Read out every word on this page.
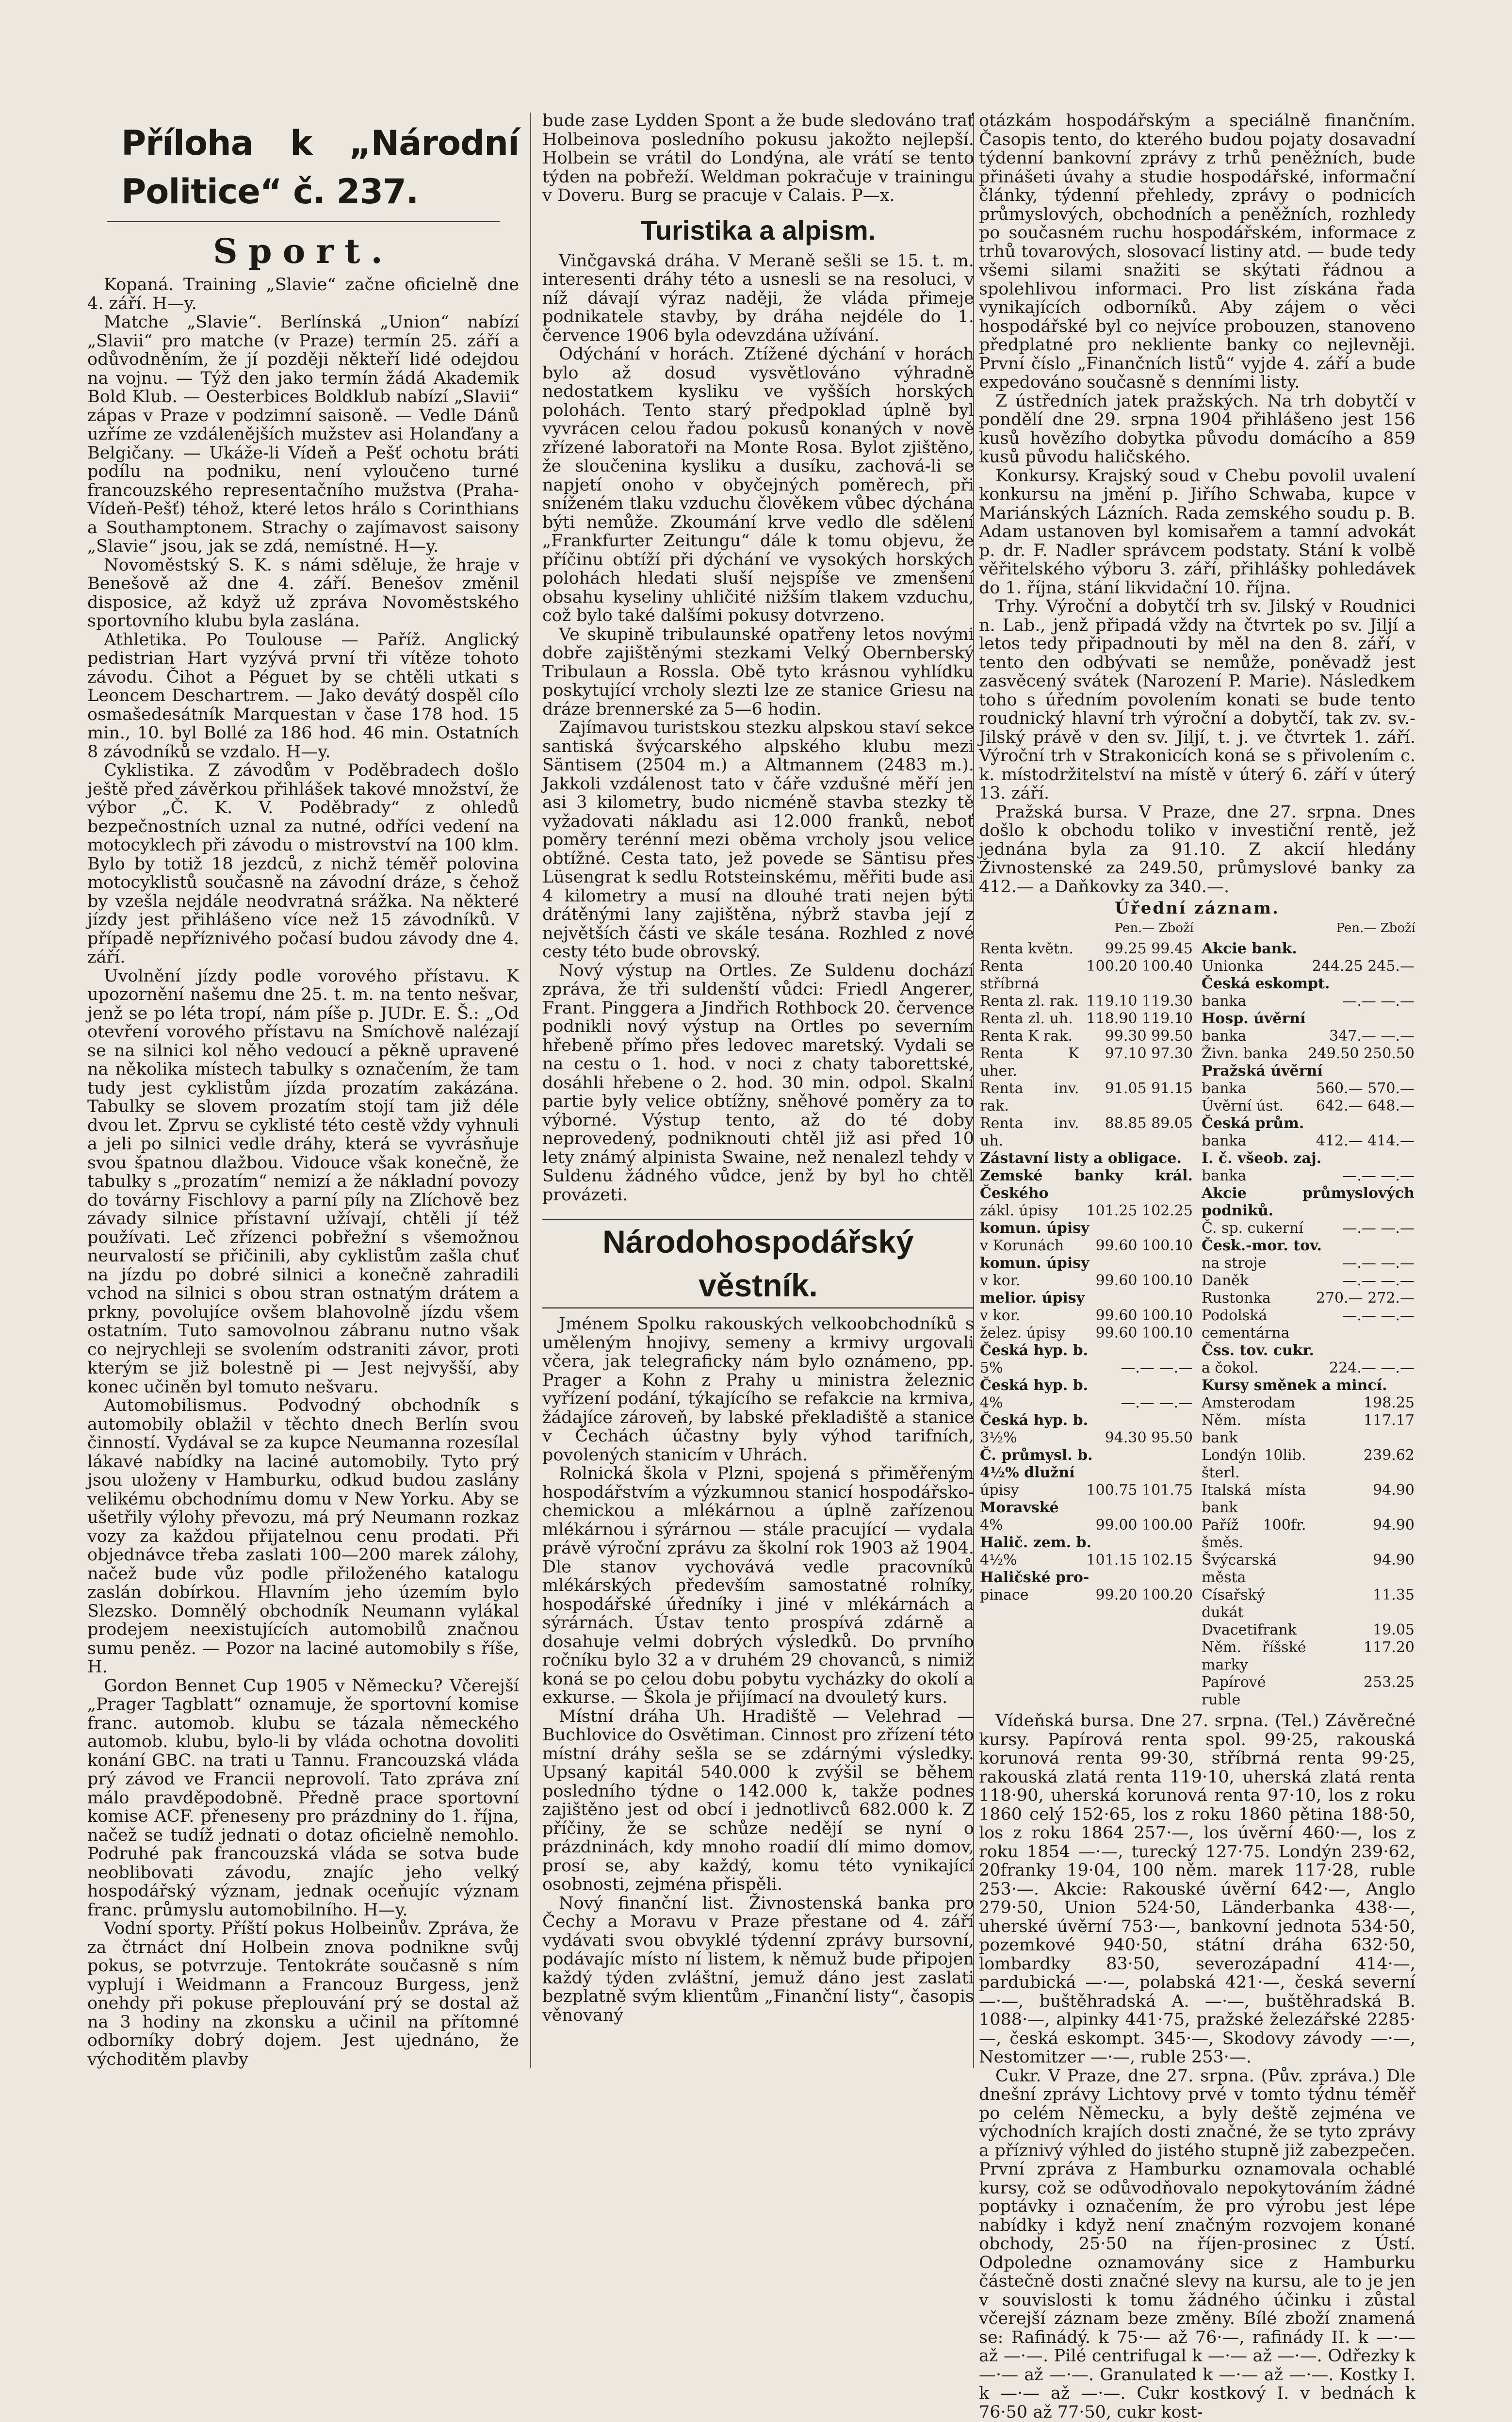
Příloha k „Národní Politice“ č. 237.
Sport.

Kopaná. Training „Slavie“ začne oficielně dne 4. září. H—y.

Matche „Slavie“. Berlínská „Union“ nabízí „Slavii“ pro matche (v Praze) termín 25. září a odůvodněním, že jí později někteří lidé odejdou na vojnu. — Týž den jako termín žádá Akademik Bold Klub. — Oesterbices Boldklub nabízí „Slavii“ zápas v Praze v podzimní saisoně. — Vedle Dánů uzříme ze vzdálenějších mužstev asi Holanďany a Belgičany. — Ukáže-li Vídeň a Pešť ochotu bráti podílu na podniku, není vyloučeno turné francouzského representačního mužstva (Praha-Vídeň-Pešť) téhož, které letos hrálo s Corinthians a Southamptonem. Strachy o zajímavost saisony „Slavie“ jsou, jak se zdá, nemístné. H—y.

Novoměstský S. K. s námi sděluje, že hraje v Benešově až dne 4. září. Benešov změnil disposice, až když už zpráva Novoměstského sportovního klubu byla zaslána.

Athletika. Po Toulouse — Paříž. Anglický pedistrian Hart vyzývá první tři vítěze tohoto závodu. Čihot a Péguet by se chtěli utkati s Leoncem Deschartrem. — Jako devátý dospěl cílo osmašedesátník Marquestan v čase 178 hod. 15 min., 10. byl Bollé za 186 hod. 46 min. Ostatních 8 závodníků se vzdalo. H—y.

Cyklistika. Z závodům v Poděbradech došlo ještě před závěrkou přihlášek takové množství, že výbor „Č. K. V. Poděbrady“ z ohledů bezpečnostních uznal za nutné, odříci vedení na motocyklech při závodu o mistrovství na 100 klm. Bylo by totiž 18 jezdců, z nichž téměř polovina motocyklistů současně na závodní dráze, s čehož by vzešla nejdále neodvratná srážka. Na některé jízdy jest přihlášeno více než 15 závodníků. V případě nepříznivého počasí budou závody dne 4. září.

Uvolnění jízdy podle vorového přístavu. K upozornění našemu dne 25. t. m. na tento nešvar, jenž se po léta tropí, nám píše p. JUDr. E. Š.: „Od otevření vorového přístavu na Smíchově nalézají se na silnici kol něho vedoucí a pěkně upravené na několika místech tabulky s označením, že tam tudy jest cyklistům jízda prozatím zakázána. Tabulky se slovem prozatím stojí tam již déle dvou let. Zprvu se cyklisté této cestě vždy vyhnuli a jeli po silnici vedle dráhy, která se vyvrásňuje svou špatnou dlažbou. Vidouce však konečně, že tabulky s „prozatím“ nemizí a že nákladní povozy do továrny Fischlovy a parní píly na Zlíchově bez závady silnice přístavní užívají, chtěli jí též používati. Leč zřízenci pobřežní s všemožnou neurvalostí se přičinili, aby cyklistům zašla chuť na jízdu po dobré silnici a konečně zahradili vchod na silnici s obou stran ostnatým drátem a prkny, povolujíce ovšem blahovolně jízdu všem ostatním. Tuto samovolnou zábranu nutno však co nejrychleji se svolením odstraniti závor, proti kterým se již bolestně pi — Jest nejvyšší, aby konec učiněn byl tomuto nešvaru.

Automobilismus. Podvodný obchodník s automobily oblažil v těchto dnech Berlín svou činností. Vydával se za kupce Neumanna rozesílal lákavé nabídky na laciné automobily. Tyto prý jsou uloženy v Hamburku, odkud budou zaslány velikému obchodnímu domu v New Yorku. Aby se ušetřily výlohy převozu, má prý Neumann rozkaz vozy za každou přijatelnou cenu prodati. Při objednávce třeba zaslati 100—200 marek zálohy, načež bude vůz podle přiloženého katalogu zaslán dobírkou. Hlavním jeho územím bylo Slezsko. Domnělý obchodník Neumann vylákal prodejem neexistujících automobilů značnou sumu peněz. — Pozor na laciné automobily s říše, H.

Gordon Bennet Cup 1905 v Německu? Včerejší „Prager Tagblatt“ oznamuje, že sportovní komise franc. automob. klubu se tázala německého automob. klubu, bylo-li by vláda ochotna dovoliti konání GBC. na trati u Tannu. Francouzská vláda prý závod ve Francii neprovolí. Tato zpráva zní málo pravděpodobně. Předně prace sportovní komise ACF. přeneseny pro prázdniny do 1. října, načež se tudíž jednati o dotaz oficielně nemohlo. Podruhé pak francouzská vláda se sotva bude neoblibovati závodu, znajíc jeho velký hospodářský význam, jednak oceňujíc význam franc. průmyslu automobilního. H—y.

Vodní sporty. Příští pokus Holbeinův. Zpráva, že za čtrnáct dní Holbein znova podnikne svůj pokus, se potvrzuje. Tentokráte současně s ním vyplují i Weidmann a Francouz Burgess, jenž onehdy při pokuse přeplouvání prý se dostal až na 3 hodiny na zkonsku a učinil na přítomné odborníky dobrý dojem. Jest ujednáno, že východitěm plavby

bude zase Lydden Spont a že bude sledováno trať Holbeinova posledního pokusu jakožto nejlepší. Holbein se vrátil do Londýna, ale vrátí se tento týden na pobřeží. Weldman pokračuje v trainingu v Doveru. Burg se pracuje v Calais. P—x.

Turistika a alpism.

Vinčgavská dráha. V Meraně sešli se 15. t. m. interesenti dráhy této a usnesli se na resoluci, v níž dávají výraz naději, že vláda přimeje podnikatele stavby, by dráha nejdéle do 1. července 1906 byla odevzdána užívání.

Odýchání v horách. Ztížené dýchání v horách bylo až dosud vysvětlováno výhradně nedostatkem kysliku ve vyšších horských polohách. Tento starý předpoklad úplně byl vyvrácen celou řadou pokusů konaných v nově zřízené laboratoři na Monte Rosa. Bylot zjištěno, že sloučenina kysliku a dusíku, zachová-li se napjetí onoho v obyčejných poměrech, při sníženém tlaku vzduchu člověkem vůbec dýchána býti nemůže. Zkoumání krve vedlo dle sdělení „Frankfurter Zeitungu“ dále k tomu objevu, že příčinu obtíží při dýchání ve vysokých horských polohách hledati sluší nejspíše ve zmenšení obsahu kyseliny uhličité nižším tlakem vzduchu, což bylo také dalšími pokusy dotvrzeno.

Ve skupině tribulaunské opatřeny letos novými dobře zajištěnými stezkami Velký Obernberský Tribulaun a Rossla. Obě tyto krásnou vyhlídku poskytující vrcholy slezti lze ze stanice Griesu na dráze brennerské za 5—6 hodin.

Zajímavou turistskou stezku alpskou staví sekce santiská švýcarského alpského klubu mezi Säntisem (2504 m.) a Altmannem (2483 m.). Jakkoli vzdálenost tato v čáře vzdušné měří jen asi 3 kilometry, budo nicméně stavba stezky tě vyžadovati nákladu asi 12.000 franků, neboť poměry terénní mezi oběma vrcholy jsou velice obtížné. Cesta tato, jež povede se Säntisu přes Lüsengrat k sedlu Rotsteinskému, měřiti bude asi 4 kilometry a musí na dlouhé trati nejen býti drátěnými lany zajištěna, nýbrž stavba její z největších části ve skále tesána. Rozhled z nové cesty této bude obrovský.

Nový výstup na Ortles. Ze Suldenu dochází zpráva, že tři suldenští vůdci: Friedl Angerer, Frant. Pinggera a Jindřich Rothbock 20. července podnikli nový výstup na Ortles po severním hřebeně přímo přes ledovec maretský. Vydali se na cestu o 1. hod. v noci z chaty taborettské, dosáhli hřebene o 2. hod. 30 min. odpol. Skalní partie byly velice obtížny, sněhové poměry za to výborné. Výstup tento, až do té doby neprovedený, podniknouti chtěl již asi před 10 lety známý alpinista Swaine, než nenalezl tehdy v Suldenu žádného vůdce, jenž by byl ho chtěl provázeti.

Národohospodářský věstník.

Jménem Spolku rakouských velkoobchodníků s uměleným hnojivy, semeny a krmivy urgovali včera, jak telegraficky nám bylo oznámeno, pp. Prager a Kohn z Prahy u ministra železnic vyřízení podání, týkajícího se refakcie na krmiva, žádajíce zároveň, by labské překladiště a stanice v Čechách účastny byly výhod tarifních, povolených stanicím v Uhrách.

Rolnická škola v Plzni, spojená s přiměřeným hospodářstvím a výzkumnou stanicí hospodářsko-chemickou a mlékárnou a úplně zařízenou mlékárnou i sýrárnou — stále pracující — vydala právě výroční zprávu za školní rok 1903 až 1904. Dle stanov vychovává vedle pracovníků mlékárských především samostatné rolníky, hospodářské úředníky i jiné v mlékárnách a sýrárnách. Ústav tento prospívá zdárně a dosahuje velmi dobrých výsledků. Do prvního ročníku bylo 32 a v druhém 29 chovanců, s nimiž koná se po celou dobu pobytu vycházky do okolí a exkurse. — Škola je přijímací na dvouletý kurs.

Místní dráha Uh. Hradiště — Velehrad — Buchlovice do Osvětiman. Cinnost pro zřízení této místní dráhy sešla se se zdárnými výsledky. Upsaný kapitál 540.000 k zvýšil se během posledního týdne o 142.000 k, takže podnes zajištěno jest od obcí i jednotlivců 682.000 k. Z příčiny, že se schůze nedějí se nyní o prázdninách, kdy mnoho roadií dlí mimo domov, prosí se, aby každý, komu této vynikající osobnosti, zejména přispěli.

Nový finanční list. Živnostenská banka pro Čechy a Moravu v Praze přestane od 4. září vydávati svou obvyklé týdenní zprávy bursovní, podávajíc místo ní listem, k němuž bude připojen každý týden zvláštní, jemuž dáno jest zaslati bezplatně svým klientům „Finanční listy“, časopis věnovaný

otázkám hospodářským a speciálně finančním. Časopis tento, do kterého budou pojaty dosavadní týdenní bankovní zprávy z trhů peněžních, bude přinášeti úvahy a studie hospodářské, informační články, týdenní přehledy, zprávy o podnicích průmyslových, obchodních a peněžních, rozhledy po současném ruchu hospodářském, informace z trhů tovarových, slosovací listiny atd. — bude tedy všemi silami snažiti se skýtati řádnou a spolehlivou informaci. Pro list získána řada vynikajících odborníků. Aby zájem o věci hospodářské byl co nejvíce probouzen, stanoveno předplatné pro nekliente banky co nejlevněji. První číslo „Finančních listů“ vyjde 4. září a bude expedováno současně s denními listy.

Z ústředních jatek pražských. Na trh dobytčí v pondělí dne 29. srpna 1904 přihlášeno jest 156 kusů hovězího dobytka původu domácího a 859 kusů původu haličského.

Konkursy. Krajský soud v Chebu povolil uvalení konkursu na jmění p. Jiřího Schwaba, kupce v Mariánských Lázních. Rada zemského soudu p. B. Adam ustanoven byl komisařem a tamní advokát p. dr. F. Nadler správcem podstaty. Stání k volbě věřitelského výboru 3. září, přihlášky pohledávek do 1. října, stání likvidační 10. října.

Trhy. Výroční a dobytčí trh sv. Jilský v Roudnici n. Lab., jenž připadá vždy na čtvrtek po sv. Jiljí a letos tedy připadnouti by měl na den 8. září, v tento den odbývati se nemůže, poněvadž jest zasvěcený svátek (Narození P. Marie). Následkem toho s úředním povolením konati se bude tento roudnický hlavní trh výroční a dobytčí, tak zv. sv.-Jilský právě v den sv. Jiljí, t. j. ve čtvrtek 1. září. Výroční trh v Strakonicích koná se s přivolením c. k. místodržitelství na místě v úterý 6. září v úterý 13. září.

Pražská bursa. V Praze, dne 27. srpna. Dnes došlo k obchodu toliko v investiční rentě, jež jednána byla za 91.10. Z akcií hledány Živnostenské za 249.50, průmyslové banky za 412.— a Daňkovky za 340.—.

Úřední záznam.
Pen.— Zboží
Renta květn.	99.25 99.45
Renta stříbrná	100.20 100.40
Renta zl. rak.	119.10 119.30
Renta zl. uh.	118.90 119.10
Renta K rak.	99.30 99.50
Renta K uher.	97.10 97.30
Renta inv. rak.	91.05 91.15
Renta inv. uh.	88.85 89.05
Zástavní listy a obligace.	
Zemské banky král. Českého	
zákl. úpisy	101.25 102.25
komun. úpisy	
v Korunách	99.60 100.10
komun. úpisy	
v kor.	99.60 100.10
melior. úpisy	
v kor.	99.60 100.10
želez. úpisy	99.60 100.10
Česká hyp. b.	
5%	—.— —.—
Česká hyp. b.	
4%	—.— —.—
Česká hyp. b.	
3½%	94.30 95.50
Č. průmysl. b.	
4½% dlužní	
úpisy	100.75 101.75
Moravské	
4%	99.00 100.00
Halič. zem. b.	
4½%	101.15 102.15
Haličské pro-	
pinace	99.20 100.20
Pen.— Zboží
Akcie bank.	
Unionka	244.25 245.—
Česká eskompt.	
banka	—.— —.—
Hosp. úvěrní	
banka	347.— —.—
Živn. banka	249.50 250.50
Pražská úvěrní	
banka	560.— 570.—
Úvěrní úst.	642.— 648.—
Česká prům.	
banka	412.— 414.—
I. č. všeob. zaj.	
banka	—.— —.—
Akcie průmyslových podniků.	
Č. sp. cukerní	—.— —.—
Česk.-mor. tov.	
na stroje	—.— —.—
Daněk	—.— —.—
Rustonka	270.— 272.—
Podolská cementárna	—.— —.—
Čss. tov. cukr.	
a čokol.	224.— —.—
Kursy směnek a mincí.	
Amsterodam	198.25
Něm. místa bank	117.17
Londýn 10lib. šterl.	239.62
Italská místa bank	94.90
Paříž 100fr. šměs.	94.90
Švýcarská města	94.90
Císařský dukát	11.35
Dvacetifrank	19.05
Něm. říšské marky	117.20
Papírové ruble	253.25

Vídeňská bursa. Dne 27. srpna. (Tel.) Závěrečné kursy. Papírová renta spol. 99·25, rakouská korunová renta 99·30, stříbrná renta 99·25, rakouská zlatá renta 119·10, uherská zlatá renta 118·90, uherská korunová renta 97·10, los z roku 1860 celý 152·65, los z roku 1860 pětina 188·50, los z roku 1864 257·—, los úvěrní 460·—, los z roku 1854 —·—, turecký 127·75. Londýn 239·62, 20franky 19·04, 100 něm. marek 117·28, ruble 253·—. Akcie: Rakouské úvěrní 642·—, Anglo 279·50, Union 524·50, Länderbanka 438·—, uherské úvěrní 753·—, bankovní jednota 534·50, pozemkové 940·50, státní dráha 632·50, lombardky 83·50, severozápadní 414·—, pardubická —·—, polabská 421·—, česká severní —·—, buštěhradská A. —·—, buštěhradská B. 1088·—, alpinky 441·75, pražské železářské 2285·—, česká eskompt. 345·—, Skodovy závody —·—, Nestomitzer —·—, ruble 253·—.

Cukr. V Praze, dne 27. srpna. (Pův. zpráva.) Dle dnešní zprávy Lichtovy prvé v tomto týdnu téměř po celém Německu, a byly deště zejména ve východních krajích dosti značné, že se tyto zprávy a příznivý výhled do jistého stupně již zabezpečen. První zpráva z Hamburku oznamovala ochablé kursy, což se odůvodňovalo nepokytováním žádné poptávky i označením, že pro výrobu jest lépe nabídky i když není značným rozvojem konané obchody, 25·50 na říjen-prosinec z Ústí. Odpoledne oznamovány sice z Hamburku částečně dosti značné slevy na kursu, ale to je jen v souvislosti k tomu žádného účinku i zůstal včerejší záznam beze změny. Bílé zboží znamená se: Rafinádý. k 75·— až 76·—, rafinády II. k —·— až —·—. Pilé centrifugal k —·— až —·—. Odřezky k —·— až —·—. Granulated k —·— až —·—. Kostky I. k —·— až —·—. Cukr kostkový I. v bednách k 76·50 až 77·50, cukr kost-
